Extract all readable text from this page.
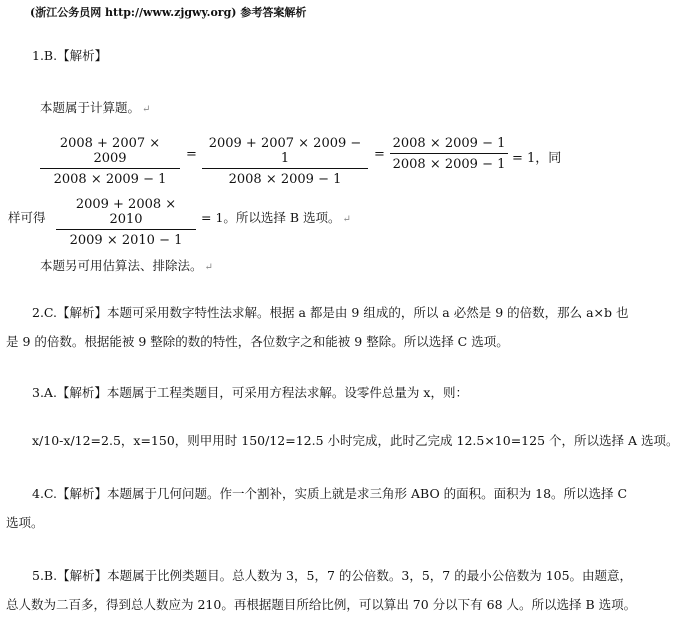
(浙江公务员网 http://www.zjgwy.org) 参考答案解析
1.B.【解析】
本题属于计算题。 ↵
$\frac{2008 + 2007 \times 2009}{2008 \times 2009 - 1} = \frac{2009 + 2007 \times 2009 - 1}{2008 \times 2009 - 1} = \frac{2008 \times 2009 - 1}{2008 \times 2009 - 1} = 1$，同
样可得 $\frac{2009 + 2008 \times 2010}{2009 \times 2010 - 1} = 1$。所以选择 B 选项。 ↵
本题另可用估算法、排除法。 ↵
2.C.【解析】本题可采用数字特性法求解。根据 a 都是由 9 组成的，所以 a 必然是 9 的倍数，那么 a×b 也
是 9 的倍数。根据能被 9 整除的数的特性，各位数字之和能被 9 整除。所以选择 C 选项。
3.A.【解析】本题属于工程类题目，可采用方程法求解。设零件总量为 x，则：
x/10-x/12=2.5，x=150，则甲用时 150/12=12.5 小时完成，此时乙完成 12.5×10=125 个，所以选择 A 选项。
4.C.【解析】本题属于几何问题。作一个割补，实质上就是求三角形 ABO 的面积。面积为 18。所以选择 C
选项。
5.B.【解析】本题属于比例类题目。总人数为 3，5，7 的公倍数。3，5，7 的最小公倍数为 105。由题意，
总人数为二百多，得到总人数应为 210。再根据题目所给比例，可以算出 70 分以下有 68 人。所以选择 B 选项。
